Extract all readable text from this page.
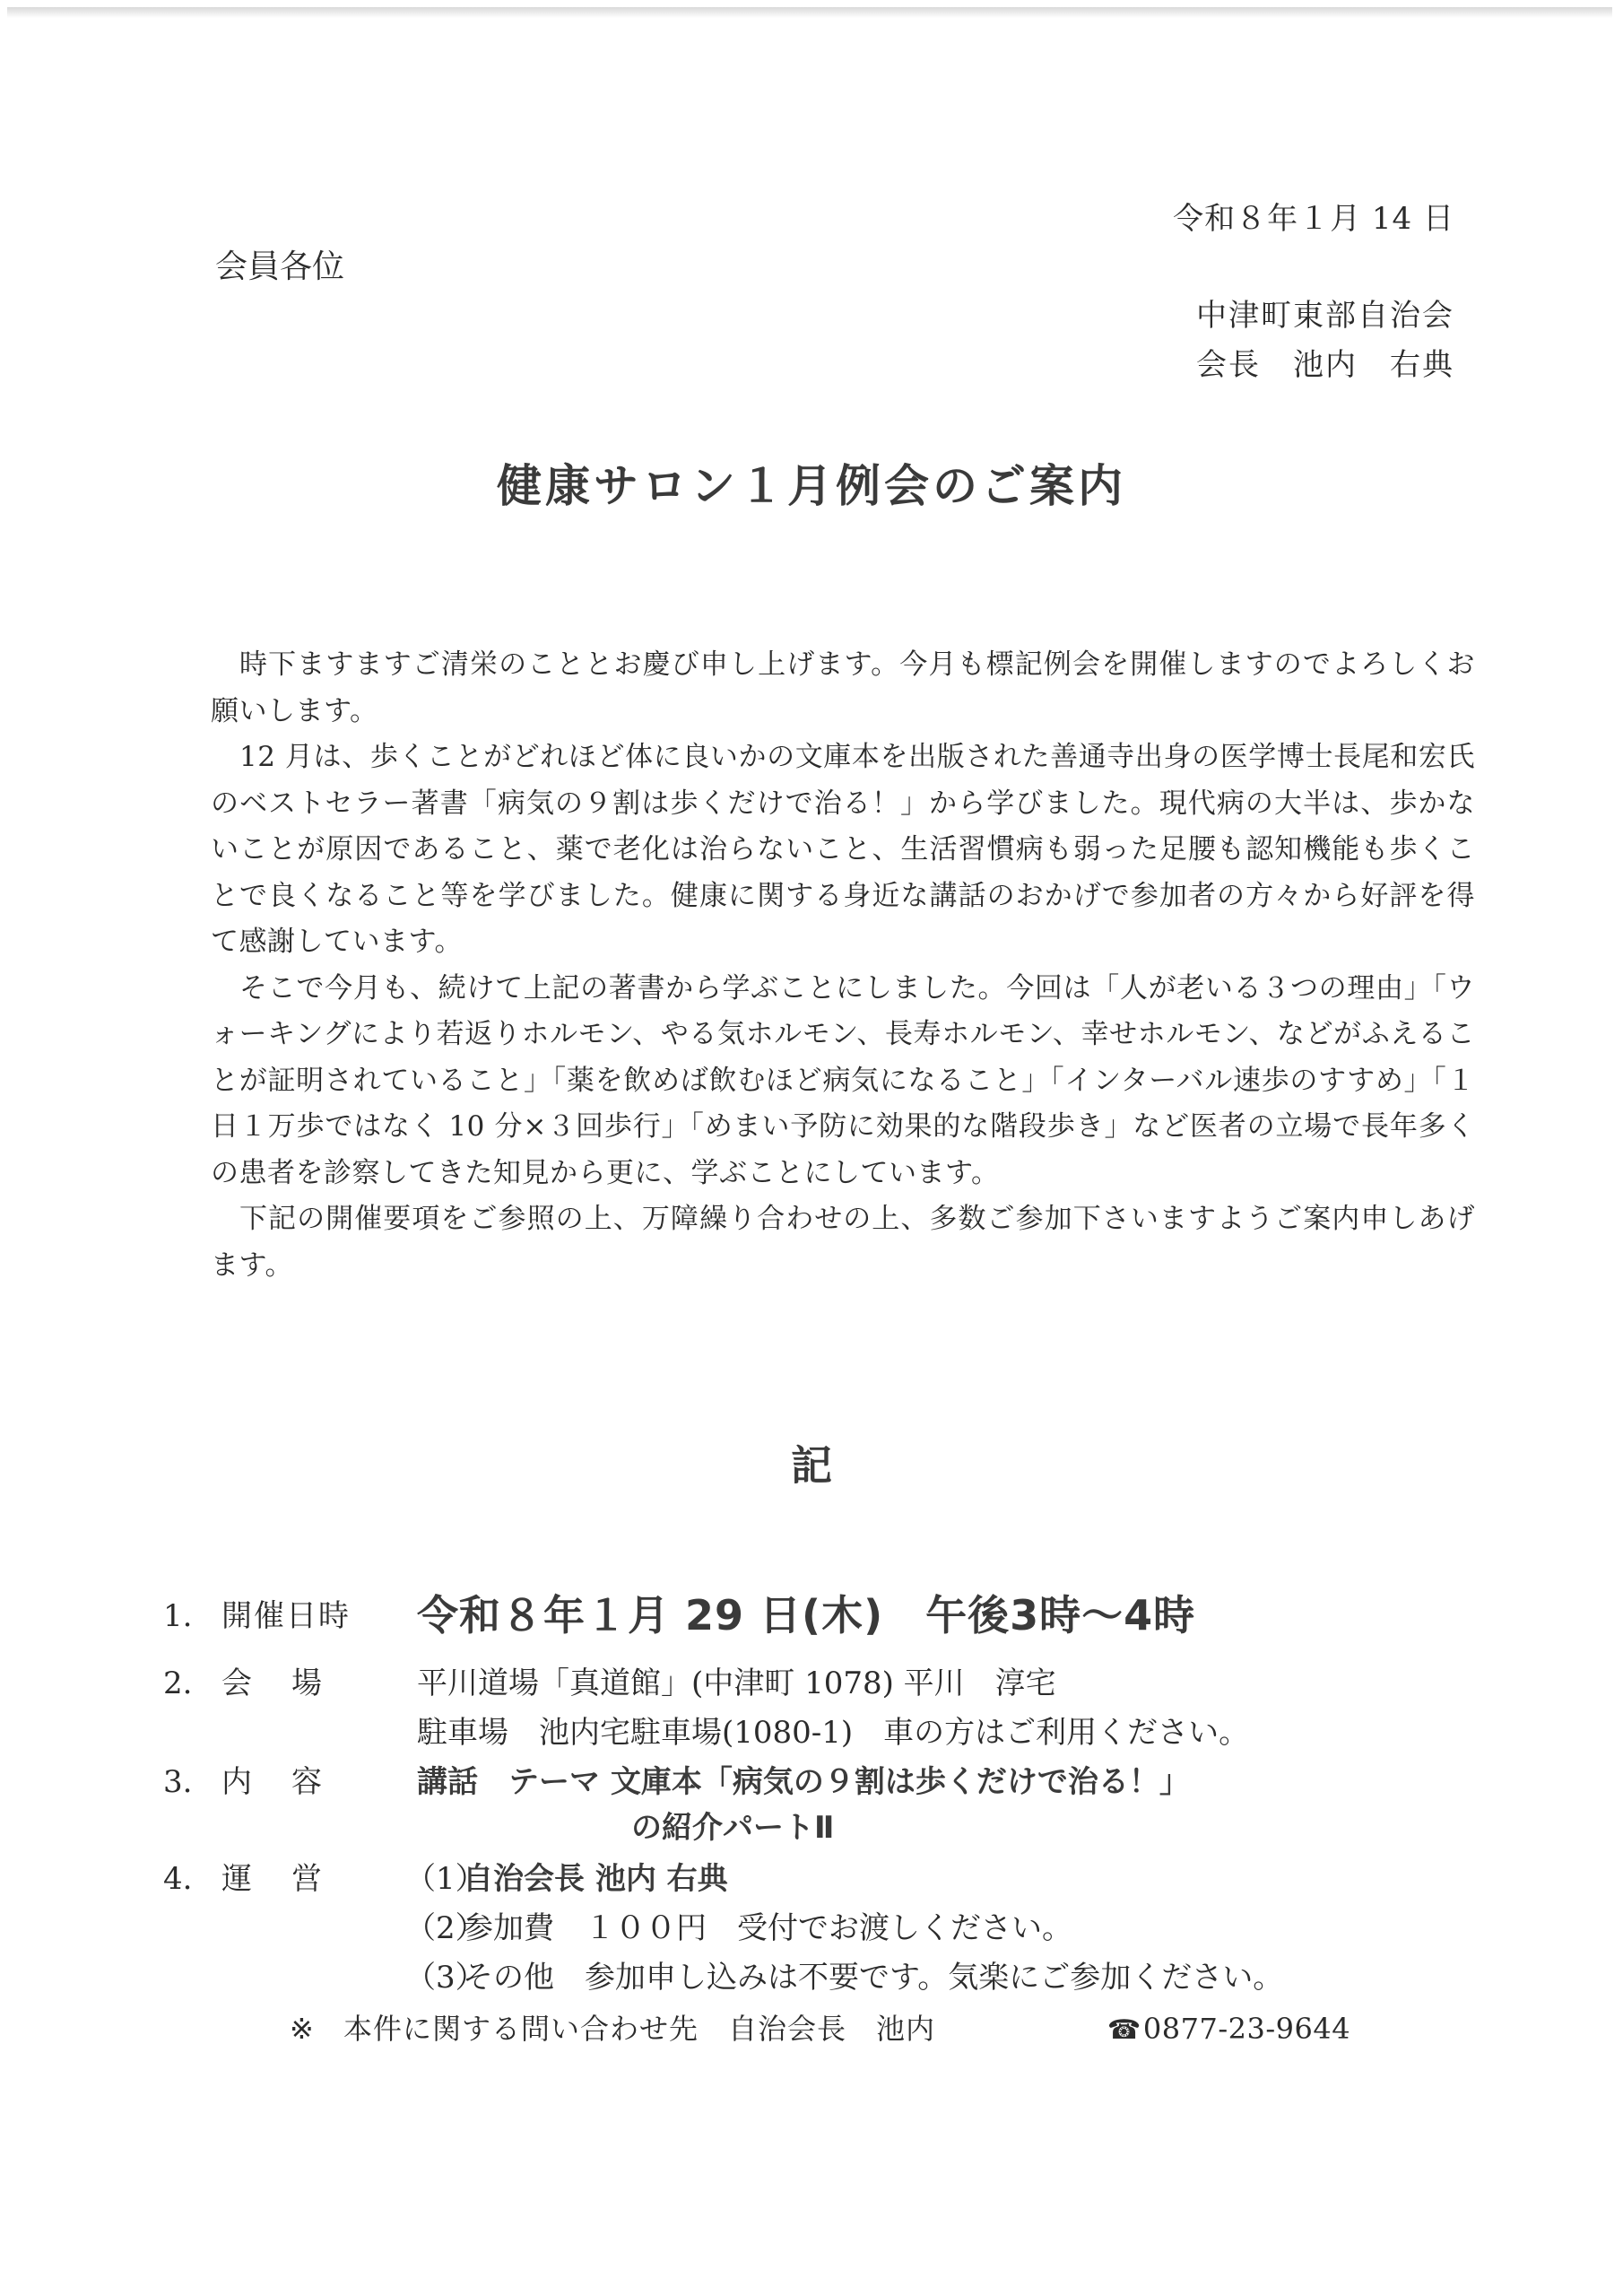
令和８年１月 14 日
会員各位
中津町東部自治会
会長　池内　右典
健康サロン１月例会のご案内

時下ますますご清栄のこととお慶び申し上げます。今月も標記例会を開催しますのでよろしくお願いします。

12 月は、歩くことがどれほど体に良いかの文庫本を出版された善通寺出身の医学博士長尾和宏氏のベストセラー著書「病気の９割は歩くだけで治る！」から学びました。現代病の大半は、歩かないことが原因であること、薬で老化は治らないこと、生活習慣病も弱った足腰も認知機能も歩くことで良くなること等を学びました。健康に関する身近な講話のおかげで参加者の方々から好評を得て感謝しています。

そこで今月も、続けて上記の著書から学ぶことにしました。今回は「人が老いる３つの理由」「ウォーキングにより若返りホルモン、やる気ホルモン、長寿ホルモン、幸せホルモン、などがふえることが証明されていること」「薬を飲めば飲むほど病気になること」「インターバル速歩のすすめ」「１日１万歩ではなく 10 分×３回歩行」「めまい予防に効果的な階段歩き」など医者の立場で長年多くの患者を診察してきた知見から更に、学ぶことにしています。

下記の開催要項をご参照の上、万障繰り合わせの上、多数ご参加下さいますようご案内申しあげます。

記
1. 開催日時 令和８年１月 29 日(木)　午後3時～4時
2. 会場 平川道場「真道館」(中津町 1078) 平川　淳宅
駐車場　池内宅駐車場(1080-1)　車の方はご利用ください。
3. 内容 講話　テーマ 文庫本「病気の９割は歩くだけで治る！」
の紹介パートⅡ
4. 運営 （1）
自治会長 池内 右典
（2）
参加費　１００円　受付でお渡しください。
（3）
その他　参加申し込みは不要です。気楽にご参加ください。
※ 本件に関する問い合わせ先　自治会長　池内	☎0877-23-9644
